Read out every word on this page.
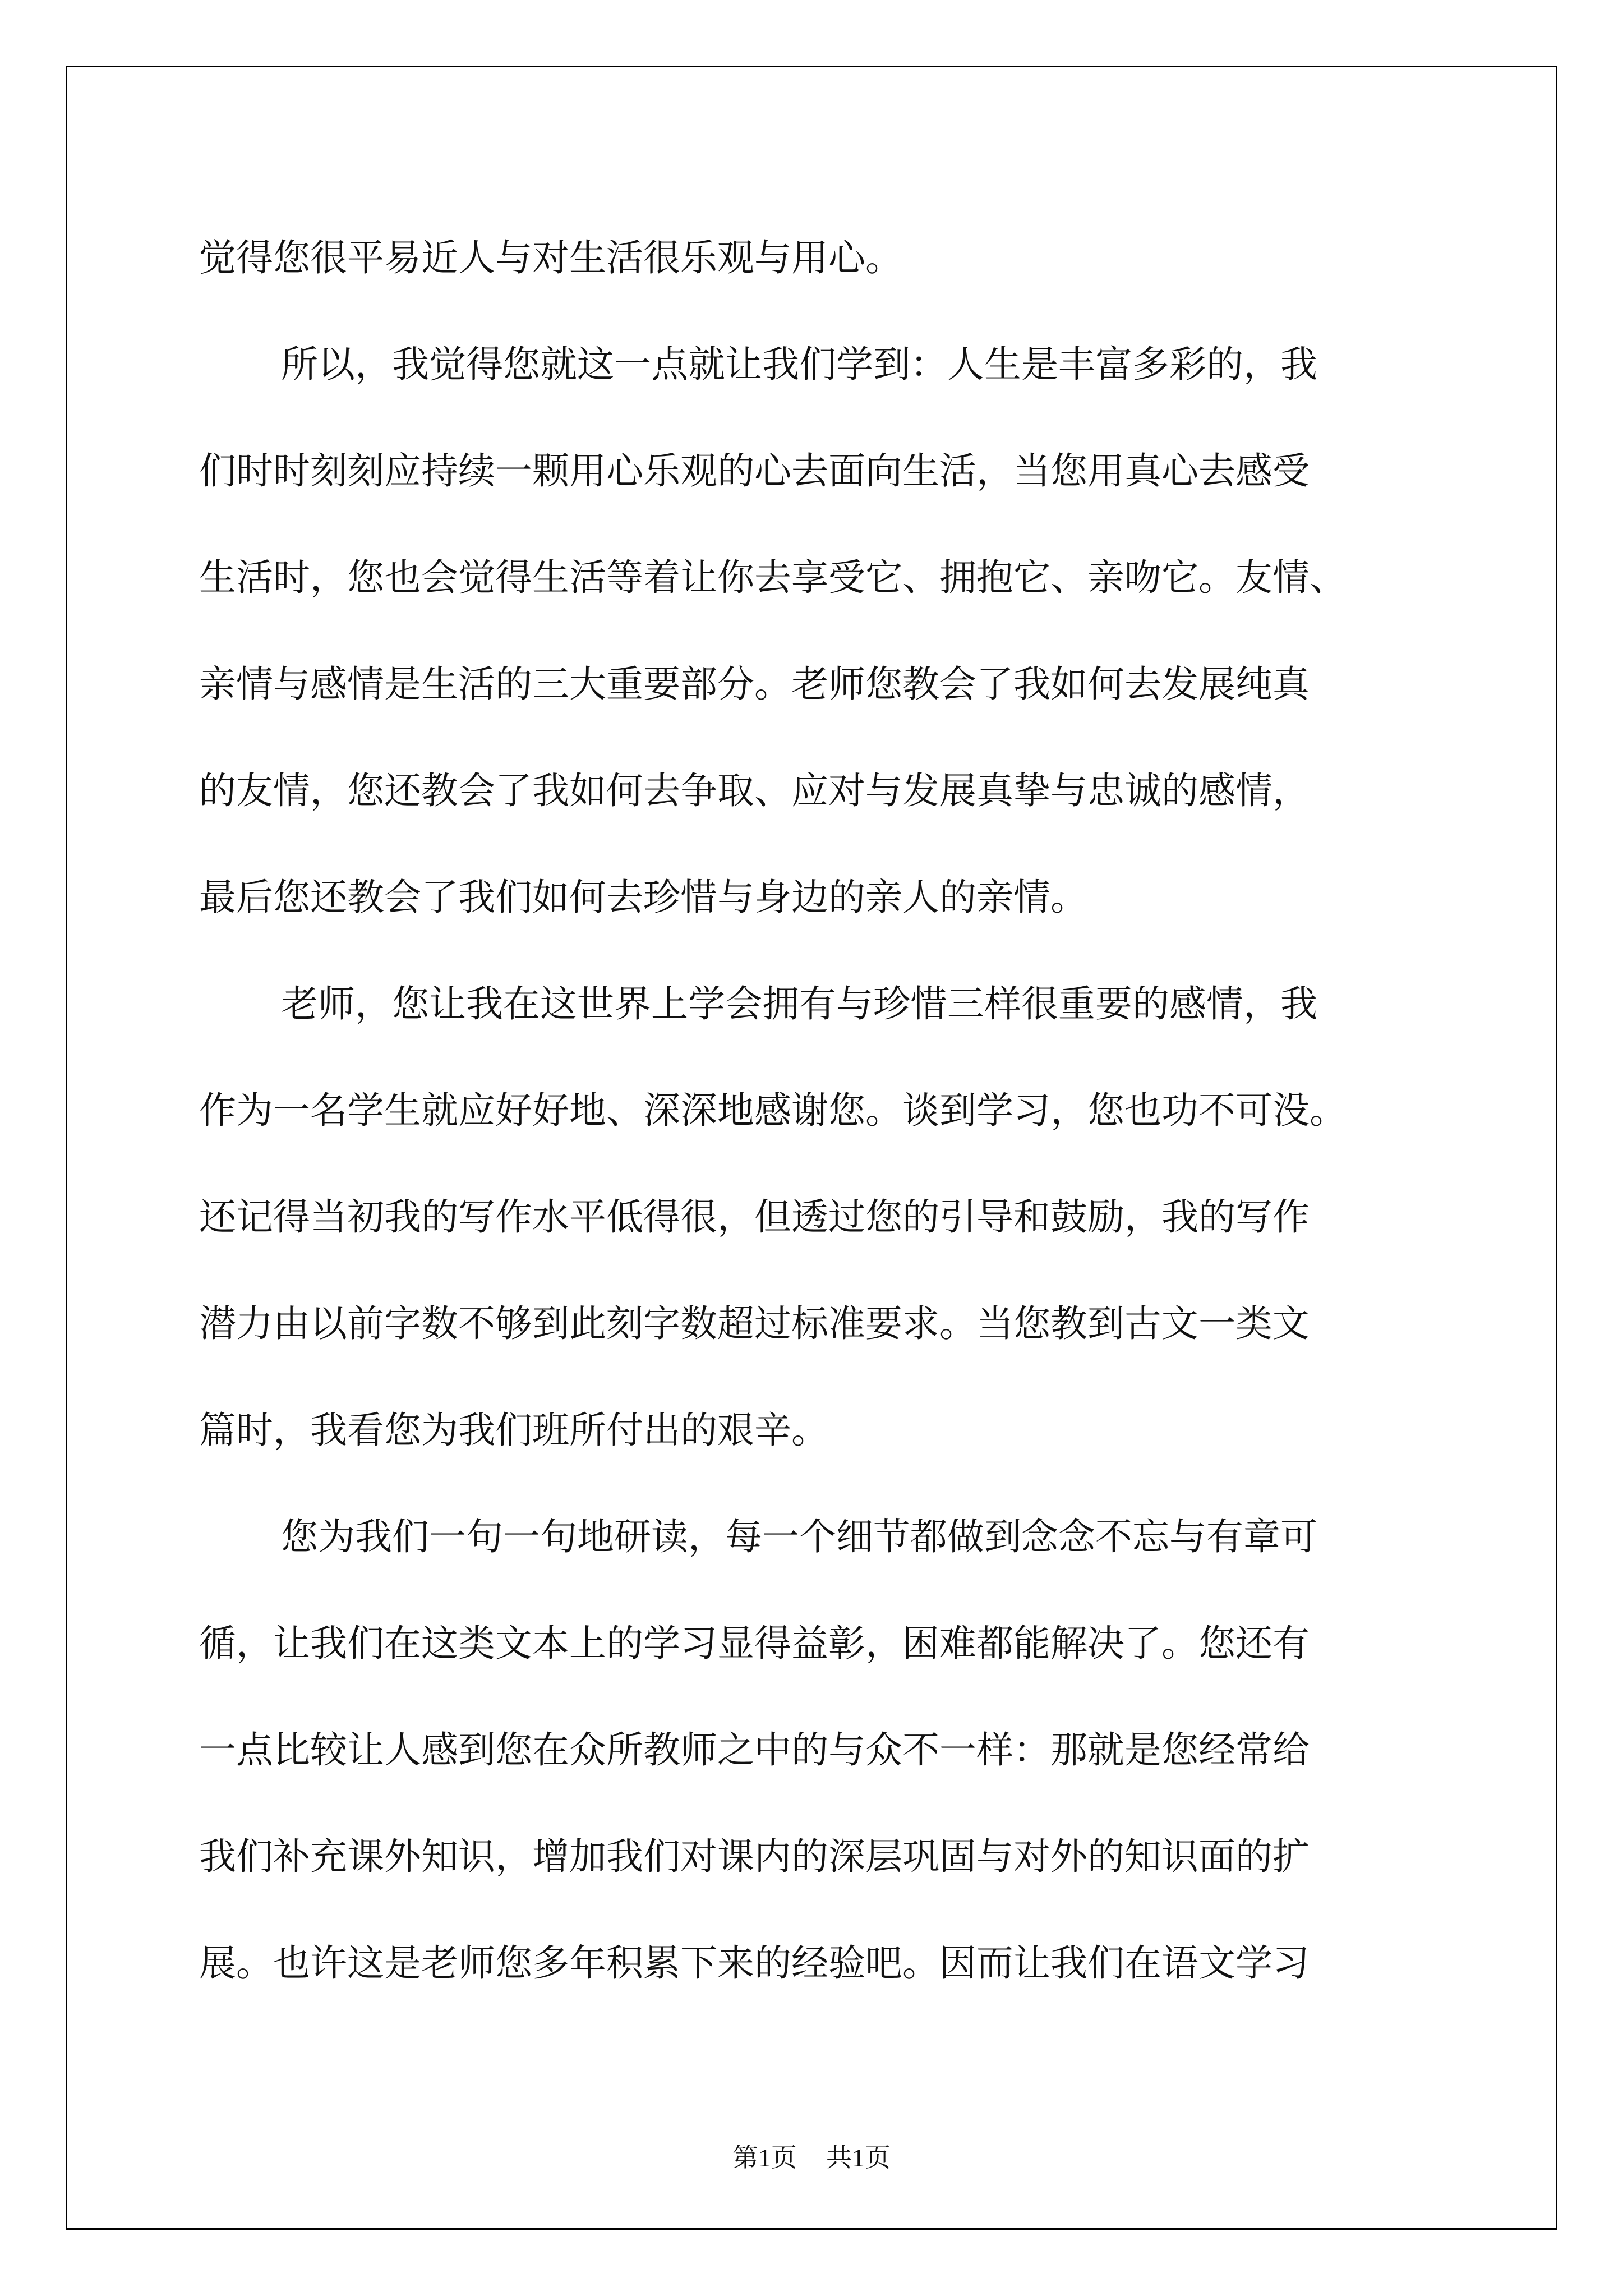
觉得您很平易近人与对生活很乐观与用心。
所以，我觉得您就这一点就让我们学到：人生是丰富多彩的，我
们时时刻刻应持续一颗用心乐观的心去面向生活，当您用真心去感受
生活时，您也会觉得生活等着让你去享受它、拥抱它、亲吻它。友情、
亲情与感情是生活的三大重要部分。老师您教会了我如何去发展纯真
的友情，您还教会了我如何去争取、应对与发展真挚与忠诚的感情，
最后您还教会了我们如何去珍惜与身边的亲人的亲情。
老师，您让我在这世界上学会拥有与珍惜三样很重要的感情，我
作为一名学生就应好好地、深深地感谢您。谈到学习，您也功不可没。
还记得当初我的写作水平低得很，但透过您的引导和鼓励，我的写作
潜力由以前字数不够到此刻字数超过标准要求。当您教到古文一类文
篇时，我看您为我们班所付出的艰辛。
您为我们一句一句地研读，每一个细节都做到念念不忘与有章可
循，让我们在这类文本上的学习显得益彰，困难都能解决了。您还有
一点比较让人感到您在众所教师之中的与众不一样：那就是您经常给
我们补充课外知识，增加我们对课内的深层巩固与对外的知识面的扩
展。也许这是老师您多年积累下来的经验吧。因而让我们在语文学习
第1页 共1页
